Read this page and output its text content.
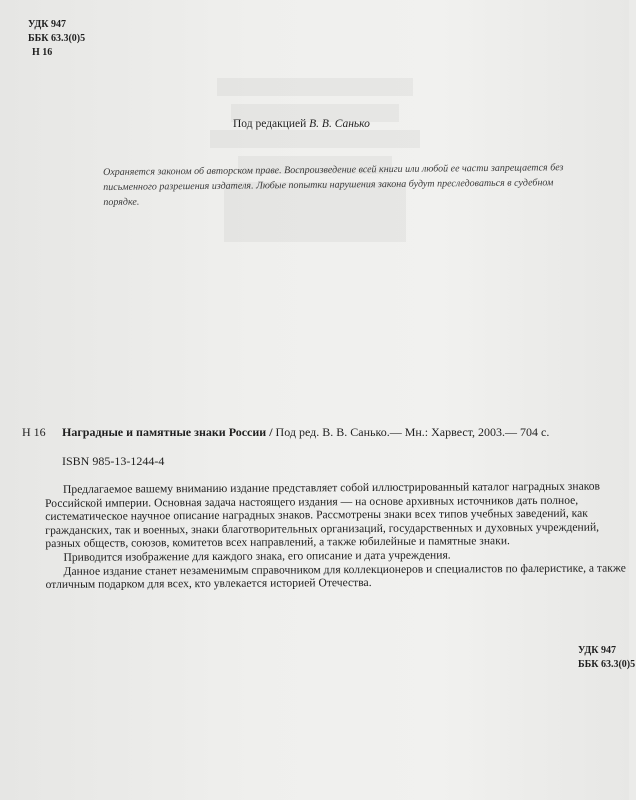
УДК 947
ББК 63.3(0)5
Н 16
Под редакцией В. В. Санько
Охраняется законом об авторском праве. Воспроизведение всей книги или любой ее части запрещается без письменного разрешения издателя. Любые попытки нарушения закона будут преследоваться в судебном порядке.
Н 16 Наградные и памятные знаки России / Под ред. В. В. Санько.— Мн.: Харвест, 2003.— 704 с.
ISBN 985-13-1244-4

Предлагаемое вашему вниманию издание представляет собой иллюстрированный каталог наградных знаков Российской империи. Основная задача настоящего издания — на основе архивных источников дать полное, систематическое научное описание наградных знаков. Рассмотрены знаки всех типов учебных заведений, как гражданских, так и военных, знаки благотворительных организаций, государственных и духовных учреждений, разных обществ, союзов, комитетов всех направлений, а также юбилейные и памятные знаки.

Приводится изображение для каждого знака, его описание и дата учреждения.

Данное издание станет незаменимым справочником для коллекционеров и специалистов по фалеристике, а также отличным подарком для всех, кто увлекается историей Отечества.

УДК 947
ББК 63.3(0)5
